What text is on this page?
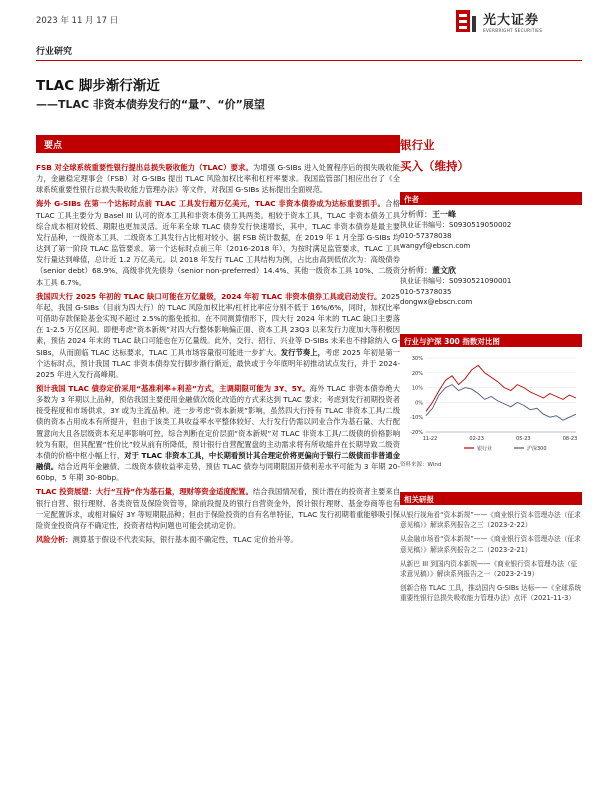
2023 年 11 月 17 日	光大证券
EVERBRIGHT SECURITIES
行业研究
TLAC 脚步渐行渐近
——TLAC 非资本债券发行的“量”、“价”展望
要点

FSB 对全球系统重要性银行提出总损失吸收能力（TLAC）要求。为增强 G-SIBs 进入处置程序后的损失吸收能力，金融稳定理事会（FSB）对 G-SIBs 提出 TLAC 风险加权比率和杠杆率要求。我国监管部门相应出台了《全球系统重要性银行总损失吸收能力管理办法》等文件，对我国 G-SIBs 达标提出全面规范。

海外 G-SIBs 在第一个达标时点前 TLAC 工具发行超万亿美元，TLAC 非资本债券成为达标重要抓手。合格 TLAC 工具主要分为 Basel III 认可的资本工具和非资本债务工具两类。相较于资本工具，TLAC 非资本债务工具综合成本相对较低、期限也更加灵活。近年来全球 TLAC 债券发行快速增长，其中，TLAC 非资本债券是最主要发行品种，一级资本工具、二级资本工具发行占比相对较小。据 FSB 统计数据，在 2019 年 1 月全部 G-SIBs 均达到了第一阶段 TLAC 监管要求。第一个达标时点前三年（2016-2018 年），为按时满足监管要求，TLAC 工具发行量达到峰值，总计近 1.2 万亿美元。以 2018 年发行 TLAC 工具结构为例，占比由高到低依次为：高级债券（senior debt）68.9%、高级非优先债券（senior non-preferred）14.4%、其他一级资本工具 10%、二级资本工具 6.7%。

我国四大行 2025 年初的 TLAC 缺口可能在万亿量级，2024 年初 TLAC 非资本债券工具或启动发行。2025 年起，我国 G-SIBs（目前为四大行）的 TLAC 风险加权比率/杠杆比率应分别不低于 16%/6%，同时，加权比率可借助存款保险基金实现不超过 2.5%的豁免抵扣。在不同测算情形下，四大行 2024 年末的 TLAC 缺口主要落在 1-2.5 万亿区间。即便考虑“资本新规”对四大行整体影响偏正面、资本工具 23Q3 以来发行力度加大等积极因素，预估 2024 年末的 TLAC 缺口可能也在万亿量级。此外，交行、招行、兴业等 D-SIBs 未来也不排除纳入 G-SIBs，从而面临 TLAC 达标要求，TLAC 工具市场容量很可能进一步扩大。发行节奏上，考虑 2025 年初是第一个达标时点，预计我国 TLAC 非资本债券发行脚步渐行渐近，最快或于今年底明年初推动试点发行，并于 2024-2025 年进入发行高峰期。

预计我国 TLAC 债券定价采用“基准利率+利差”方式，主调期限可能为 3Y、5Y。海外 TLAC 非资本债券绝大多数为 3 年期以上品种，预估我国主要使用金融债次级化改造的方式来达到 TLAC 要求；考虑到发行初期投资者接受程度和市场供求，3Y 或为主流品种。进一步考虑“资本新规”影响，虽然四大行持有 TLAC 非资本工具/二级债的资本占用成本有所提升，但由于该类工具收益率水平整体较好、大行发行仍需以同业合作为基石量、大行配置意向大且各层级资本充足率影响可控，综合判断在定价层面“资本新规”对 TLAC 非资本工具/二级债的价格影响较为有限，但其配置“性价比”较从前有所降低，预计银行自营配置盘的主动需求将有所收缩并在长期导致二级资本债的价格中枢小幅上行，对于 TLAC 非资本工具，中长期看预计其合理定价将更偏向于银行二级债而非普通金融债。结合近两年金融债、二级资本债收益率走势，预估 TLAC 债券与同期限国开债利差水平可能为 3 年期 20-60bp，5 年期 30-80bp。

TLAC 投资展望：大行“互持”作为基石量，理财等资金适度配置。结合我国情况看，预计潜在的投资者主要来自银行自营、银行理财、各类资管及保险资管等，除前段提及的银行自营资金外，预计银行理财、基金券商等也有一定配置诉求，或相对偏好 3Y 等短期限品种；但由于保险投资的自有名单特征，TLAC 发行初期着重能够吸引保险资金投资尚存不确定性，投资者结构问题也可能会扰动定价。

风险分析：测算基于假设不代表实际，银行基本面不确定性，TLAC 定价抬升等。

银行业
买入（维持）
作者
分析师：王一峰
执业证书编号：S0930519050002
010-57378038
wangyf@ebscn.com
分析师：董文欣
执业证书编号：S0930521090001
010-57378035
dongwx@ebscn.com
行业与沪深 300 指数对比图
30%
20%
10%
0%
-10%
-20%
11-22	02-23	05-23	08-23
银行业	沪深300
资料来源：Wind
相关研报
从银行视角看“资本新规”——《商业银行资本管理办法（征求意见稿）》解读系列报告之三（2023-2-22）
从金融市场看“资本新规”——《商业银行资本管理办法（征求意见稿）》解读系列报告之二（2023-2-21）
从新巴 III 到国内资本新规——《商业银行资本管理办法（征求意见稿）》解读系列报告之一（2023-2-19）
创新合格 TLAC 工具，推动国内 G-SIBs 达标——《全球系统重要性银行总损失吸收能力管理办法》点评（2021-11-3）
